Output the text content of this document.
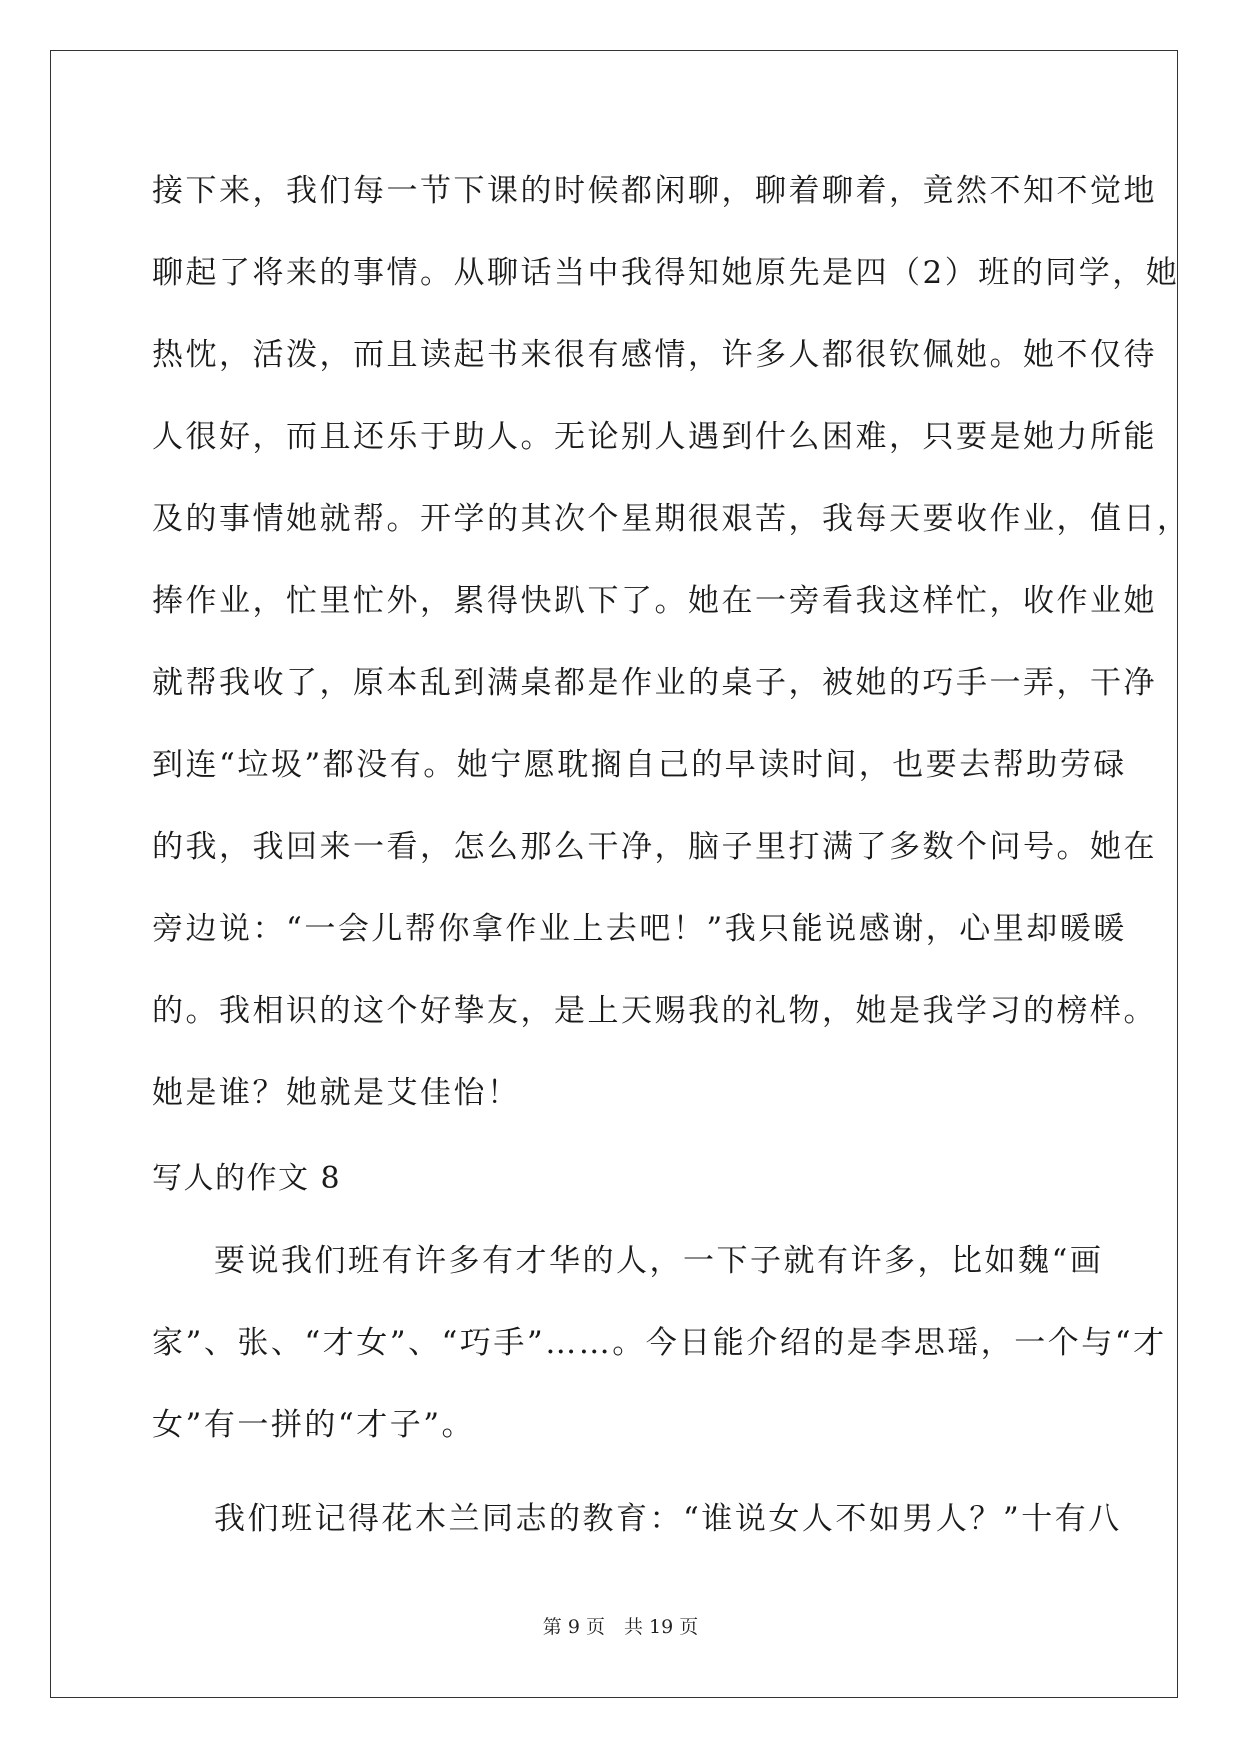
接下来，我们每一节下课的时候都闲聊，聊着聊着，竟然不知不觉地
聊起了将来的事情。从聊话当中我得知她原先是四（2）班的同学，她
热忱，活泼，而且读起书来很有感情，许多人都很钦佩她。她不仅待
人很好，而且还乐于助人。无论别人遇到什么困难，只要是她力所能
及的事情她就帮。开学的其次个星期很艰苦，我每天要收作业，值日，
捧作业，忙里忙外，累得快趴下了。她在一旁看我这样忙，收作业她
就帮我收了，原本乱到满桌都是作业的桌子，被她的巧手一弄，干净
到连“垃圾”都没有。她宁愿耽搁自己的早读时间，也要去帮助劳碌
的我，我回来一看，怎么那么干净，脑子里打满了多数个问号。她在
旁边说：“一会儿帮你拿作业上去吧！”我只能说感谢，心里却暖暖
的。我相识的这个好挚友，是上天赐我的礼物，她是我学习的榜样。
她是谁？她就是艾佳怡！
写人的作文 8
要说我们班有许多有才华的人，一下子就有许多，比如魏“画
家”、张、“才女”、“巧手”……。今日能介绍的是李思瑶，一个与“才
女”有一拼的“才子”。
我们班记得花木兰同志的教育：“谁说女人不如男人？”十有八
第 9 页　共 19 页
